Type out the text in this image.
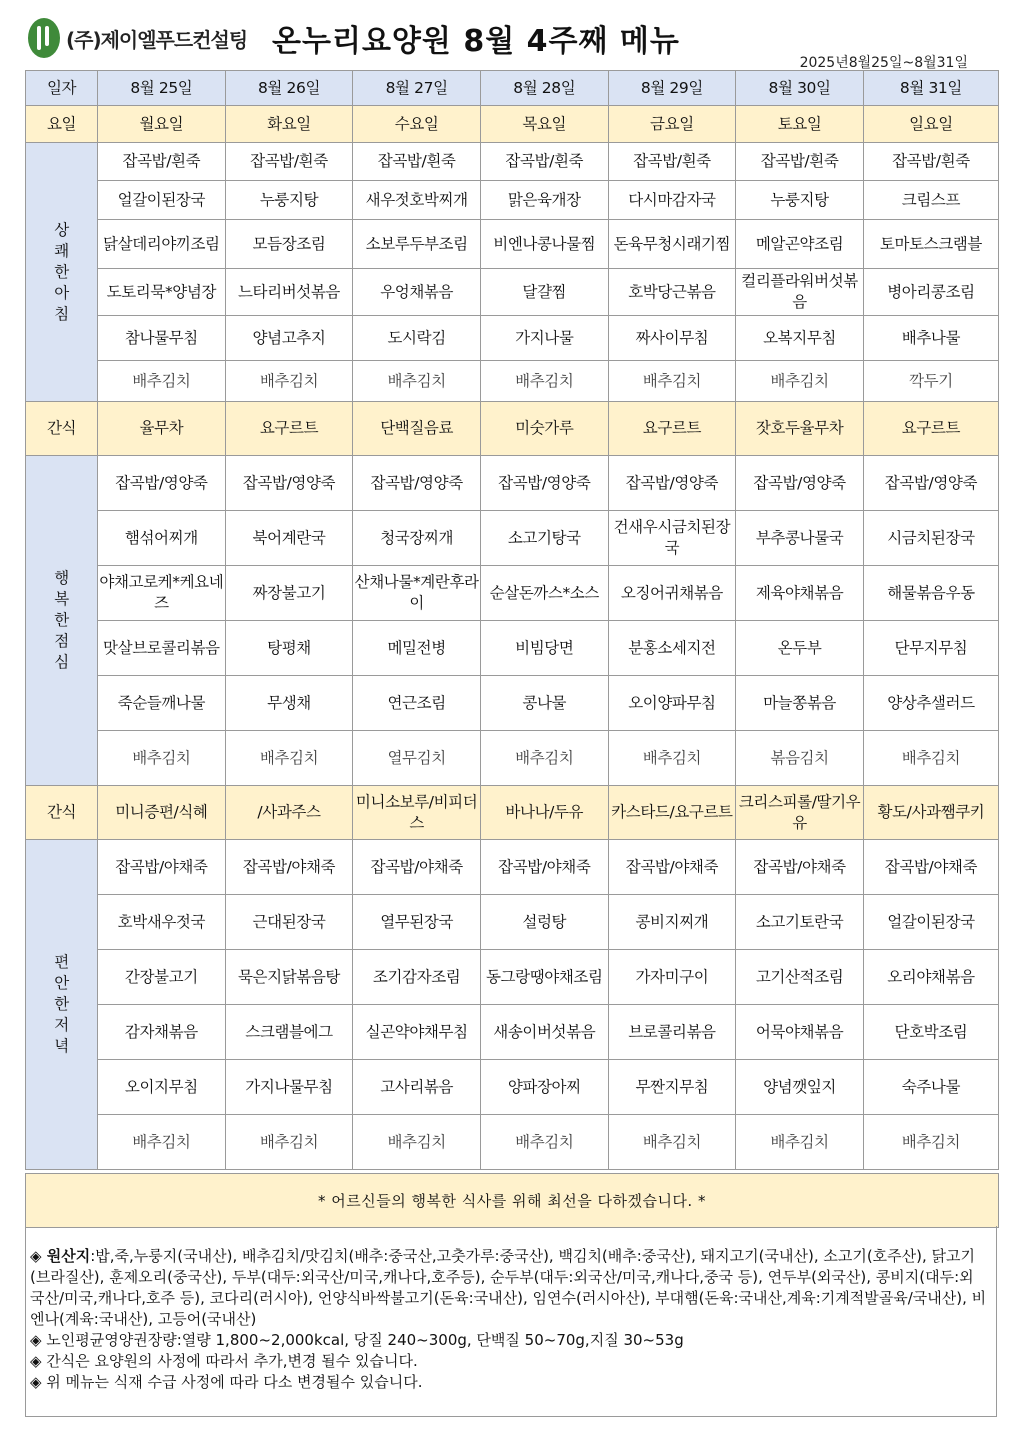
(주)제이엘푸드컨설팅 온누리요양원 8월 4주째 메뉴
2025년8월25일~8월31일
일자	8월 25일	8월 26일	8월 27일	8월 28일	8월 29일	8월 30일	8월 31일
요일	월요일	화요일	수요일	목요일	금요일	토요일	일요일
상쾌한아침	잡곡밥/흰죽	잡곡밥/흰죽	잡곡밥/흰죽	잡곡밥/흰죽	잡곡밥/흰죽	잡곡밥/흰죽	잡곡밥/흰죽
	얼갈이된장국	누룽지탕	새우젓호박찌개	맑은육개장	다시마감자국	누룽지탕	크림스프
	닭살데리야끼조림	모듬장조림	소보루두부조림	비엔나콩나물찜	돈육무청시래기찜	메알곤약조림	토마토스크램블
	도토리묵*양념장	느타리버섯볶음	우엉채볶음	달걀찜	호박당근볶음	컬리플라워버섯볶음	병아리콩조림
	참나물무침	양념고추지	도시락김	가지나물	짜사이무침	오복지무침	배추나물
	배추김치	배추김치	배추김치	배추김치	배추김치	배추김치	깍두기
간식	율무차	요구르트	단백질음료	미숫가루	요구르트	잣호두율무차	요구르트
행복한점심	잡곡밥/영양죽	잡곡밥/영양죽	잡곡밥/영양죽	잡곡밥/영양죽	잡곡밥/영양죽	잡곡밥/영양죽	잡곡밥/영양죽
	햄섞어찌개	북어계란국	청국장찌개	소고기탕국	건새우시금치된장국	부추콩나물국	시금치된장국
	야채고로케*케요네즈	짜장불고기	산채나물*계란후라이	순살돈까스*소스	오징어귀채볶음	제육야채볶음	해물볶음우동
	맛살브로콜리볶음	탕평채	메밀전병	비빔당면	분홍소세지전	온두부	단무지무침
	죽순들깨나물	무생채	연근조림	콩나물	오이양파무침	마늘쫑볶음	양상추샐러드
	배추김치	배추김치	열무김치	배추김치	배추김치	볶음김치	배추김치
간식	미니증편/식혜	/사과주스	미니소보루/비피더스	바나나/두유	카스타드/요구르트	크리스피롤/딸기우유	황도/사과쨈쿠키
편안한저녁	잡곡밥/야채죽	잡곡밥/야채죽	잡곡밥/야채죽	잡곡밥/야채죽	잡곡밥/야채죽	잡곡밥/야채죽	잡곡밥/야채죽
	호박새우젓국	근대된장국	열무된장국	설렁탕	콩비지찌개	소고기토란국	얼갈이된장국
	간장불고기	묵은지닭볶음탕	조기감자조림	동그랑땡야채조림	가자미구이	고기산적조림	오리야채볶음
	감자채볶음	스크램블에그	실곤약야채무침	새송이버섯볶음	브로콜리볶음	어묵야채볶음	단호박조림
	오이지무침	가지나물무침	고사리볶음	양파장아찌	무짠지무침	양념깻잎지	숙주나물
	배추김치	배추김치	배추김치	배추김치	배추김치	배추김치	배추김치
* 어르신들의 행복한 식사를 위해 최선을 다하겠습니다. *

◈ 원산지:밥,죽,누룽지(국내산), 배추김치/맛김치(배추:중국산,고춧가루:중국산), 백김치(배추:중국산), 돼지고기(국내산), 소고기(호주산), 닭고기(브라질산), 훈제오리(중국산), 두부(대두:외국산/미국,캐나다,호주등), 순두부(대두:외국산/미국,캐나다,중국 등), 연두부(외국산), 콩비지(대두:외국산/미국,캐나다,호주 등), 코다리(러시아), 언양식바싹불고기(돈육:국내산), 임연수(러시아산), 부대햄(돈육:국내산,계육:기계적발골육/국내산), 비엔나(계육:국내산), 고등어(국내산)

◈ 노인평균영양권장량:열량 1,800~2,000kcal, 당질 240~300g, 단백질 50~70g,지질 30~53g

◈ 간식은 요양원의 사정에 따라서 추가,변경 될수 있습니다.

◈ 위 메뉴는 식재 수급 사정에 따라 다소 변경될수 있습니다.
